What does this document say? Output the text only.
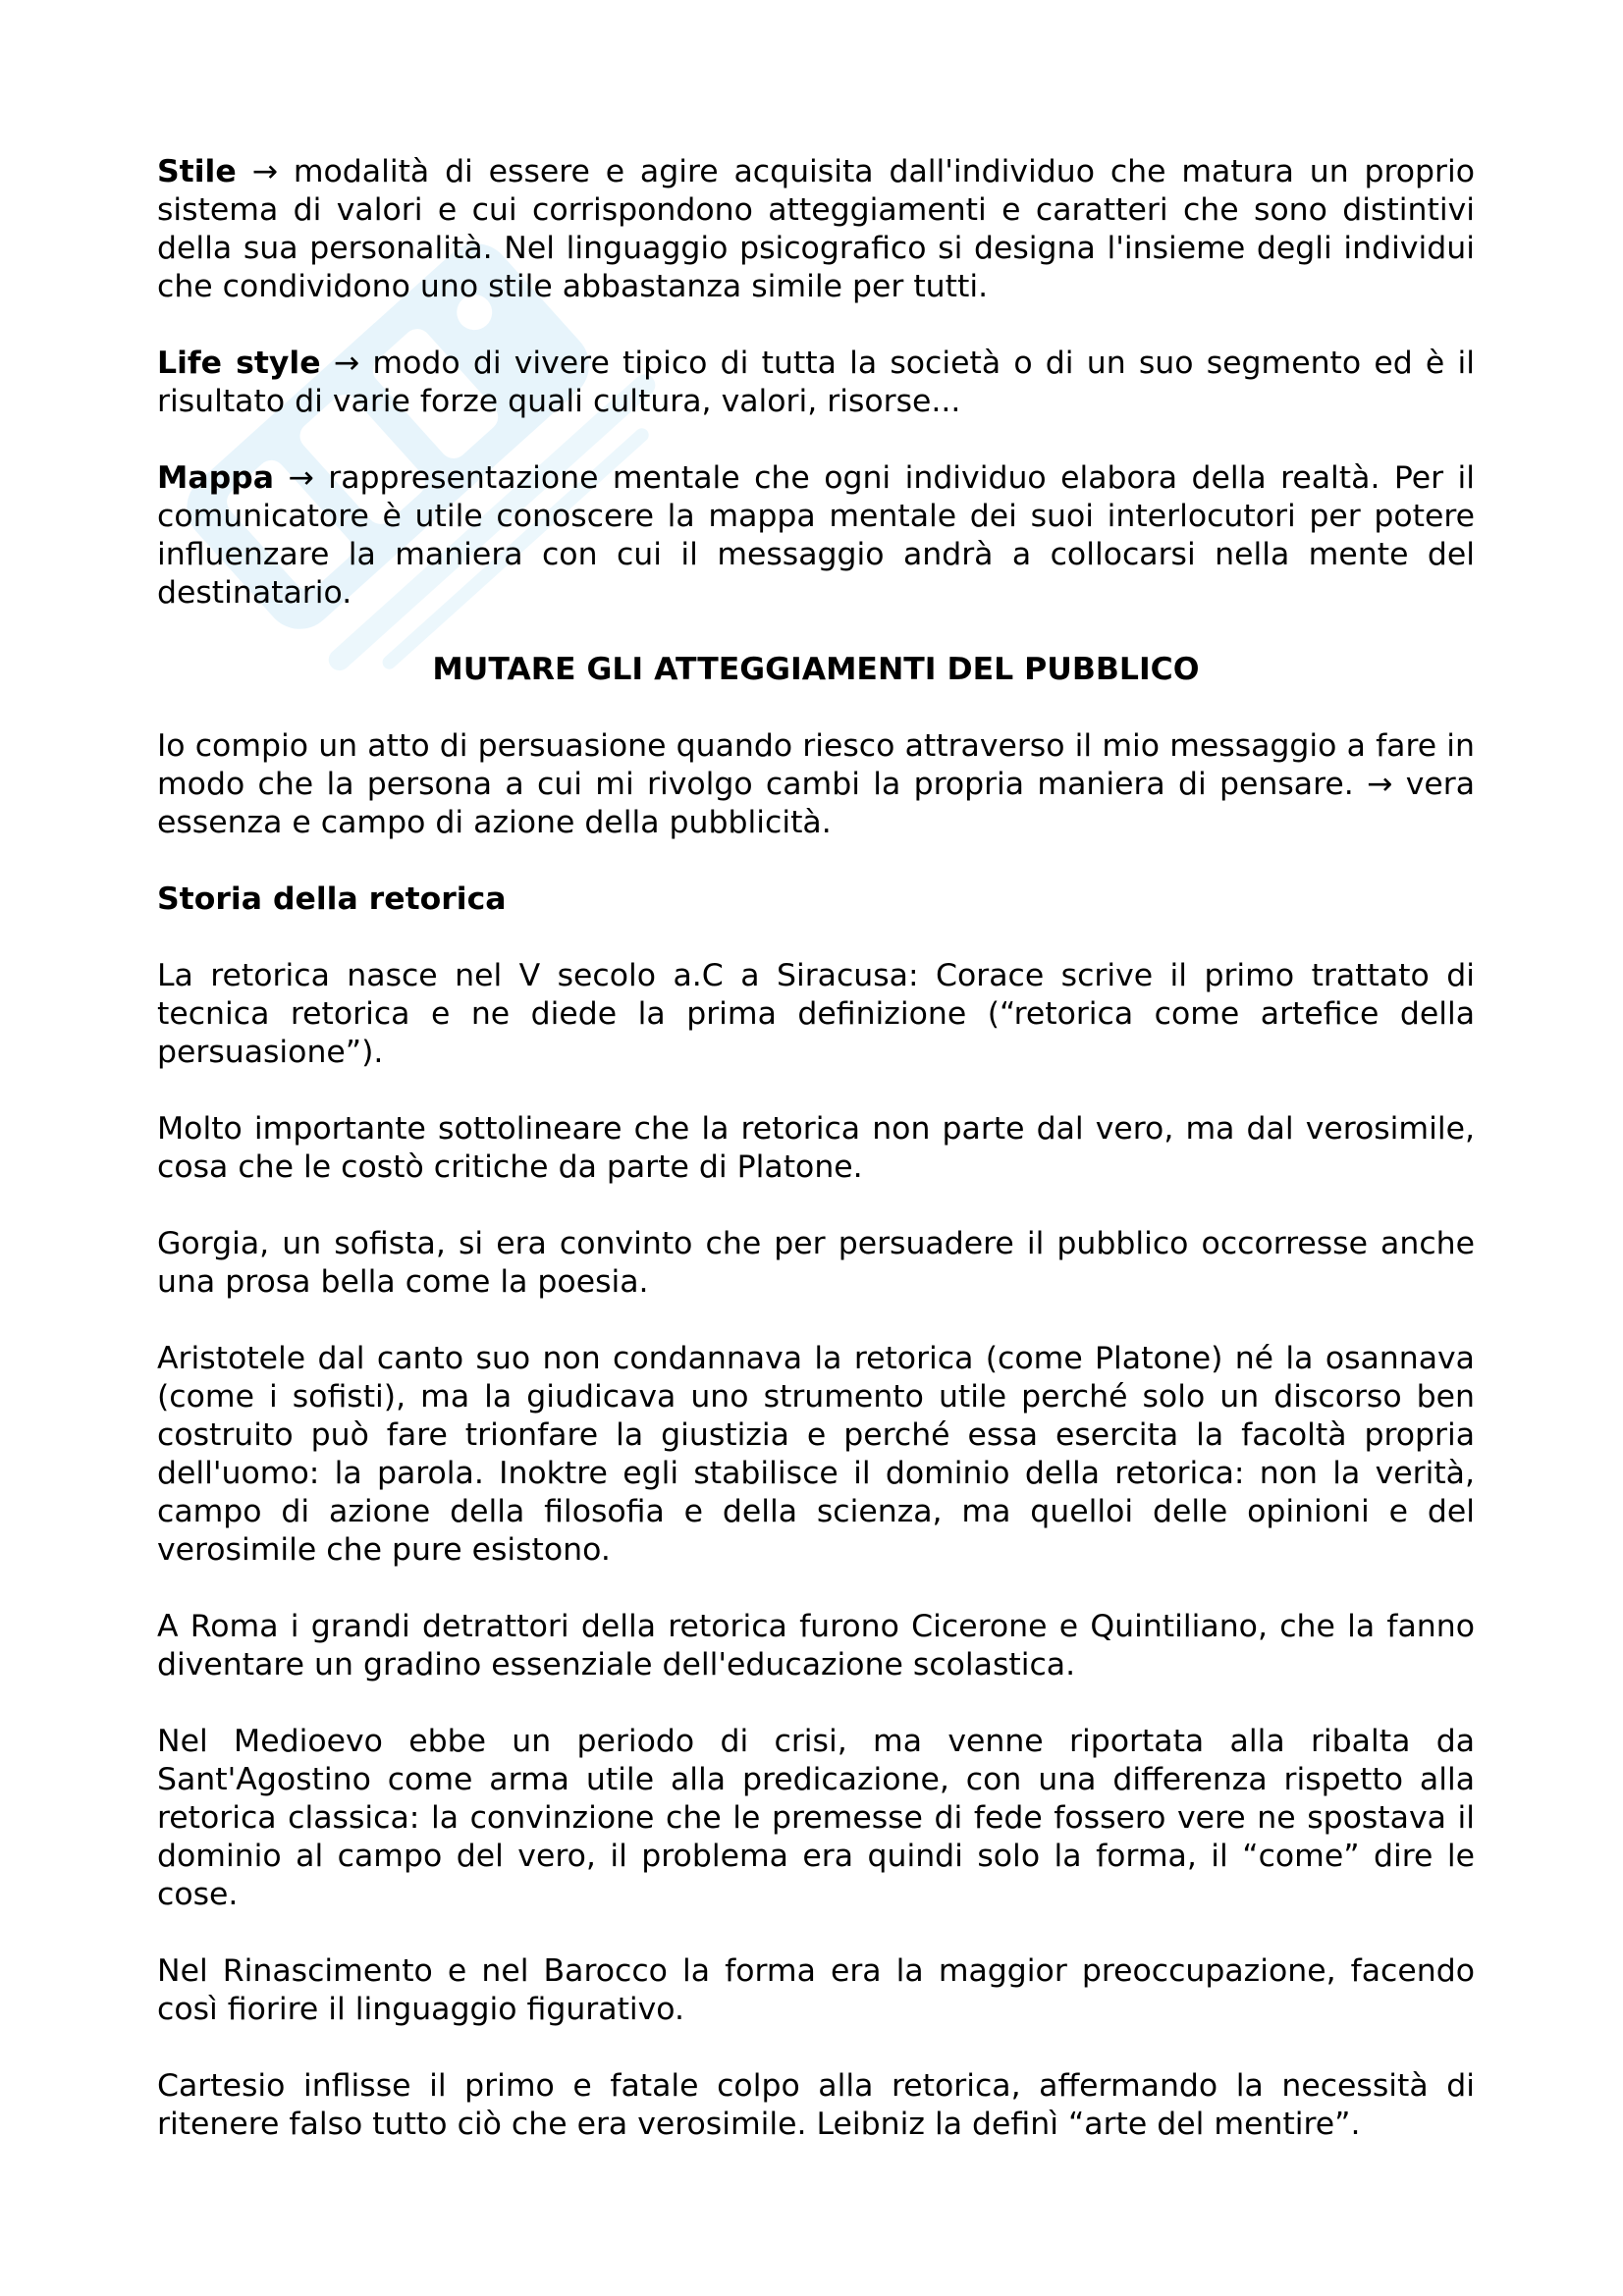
Stile → modalità di essere e agire acquisita dall'individuo che matura un proprio sistema di valori e cui corrispondono atteggiamenti e caratteri che sono distintivi della sua personalità. Nel linguaggio psicografico si designa l'insieme degli individui che condividono uno stile abbastanza simile per tutti.

Life style → modo di vivere tipico di tutta la società o di un suo segmento ed è il risultato di varie forze quali cultura, valori, risorse...

Mappa → rappresentazione mentale che ogni individuo elabora della realtà. Per il comunicatore è utile conoscere la mappa mentale dei suoi interlocutori per potere influenzare la maniera con cui il messaggio andrà a collocarsi nella mente del destinatario.

MUTARE GLI ATTEGGIAMENTI DEL PUBBLICO

Io compio un atto di persuasione quando riesco attraverso il mio messaggio a fare in modo che la persona a cui mi rivolgo cambi la propria maniera di pensare. → vera essenza e campo di azione della pubblicità.

Storia della retorica

La retorica nasce nel V secolo a.C a Siracusa: Corace scrive il primo trattato di tecnica retorica e ne diede la prima definizione (“retorica come artefice della persuasione”).

Molto importante sottolineare che la retorica non parte dal vero, ma dal verosimile, cosa che le costò critiche da parte di Platone.

Gorgia, un sofista, si era convinto che per persuadere il pubblico occorresse anche una prosa bella come la poesia.

Aristotele dal canto suo non condannava la retorica (come Platone) né la osannava (come i sofisti), ma la giudicava uno strumento utile perché solo un discorso ben costruito può fare trionfare la giustizia e perché essa esercita la facoltà propria dell'uomo: la parola. Inoktre egli stabilisce il dominio della retorica: non la verità, campo di azione della filosofia e della scienza, ma quelloi delle opinioni e del verosimile che pure esistono.

A Roma i grandi detrattori della retorica furono Cicerone e Quintiliano, che la fanno diventare un gradino essenziale dell'educazione scolastica.

Nel Medioevo ebbe un periodo di crisi, ma venne riportata alla ribalta da Sant'Agostino come arma utile alla predicazione, con una differenza rispetto alla retorica classica: la convinzione che le premesse di fede fossero vere ne spostava il dominio al campo del vero, il problema era quindi solo la forma, il “come” dire le cose.

Nel Rinascimento e nel Barocco la forma era la maggior preoccupazione, facendo così fiorire il linguaggio figurativo.

Cartesio inflisse il primo e fatale colpo alla retorica, affermando la necessità di ritenere falso tutto ciò che era verosimile. Leibniz la definì “arte del mentire”.
